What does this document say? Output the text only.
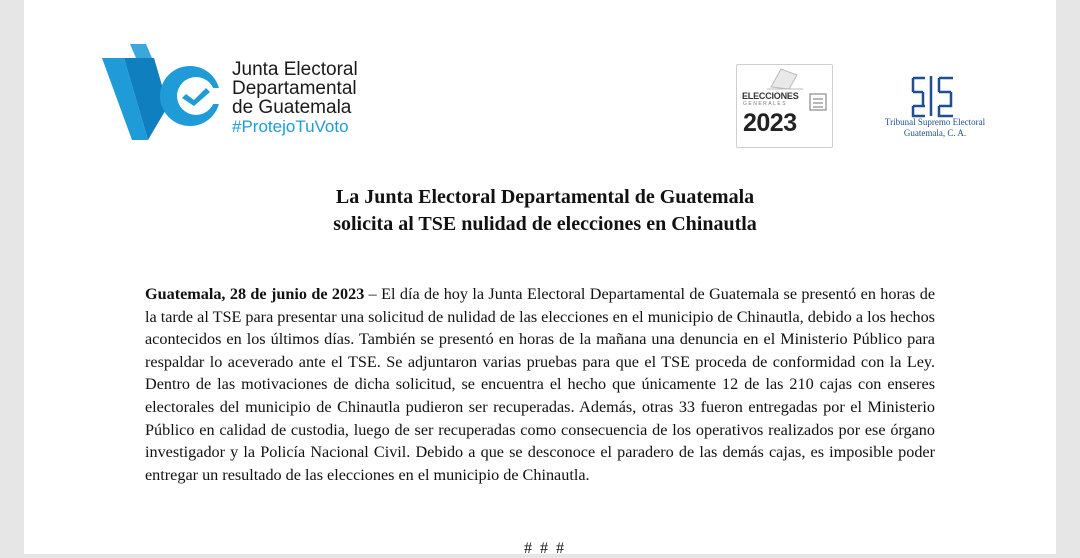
Junta Electoral
Departamental
de Guatemala
#ProtejoTuVoto
ELECCIONES
GENERALES
2023	Tribunal Supremo Electoral
Guatemala, C. A.
La Junta Electoral Departamental de Guatemala
solicita al TSE nulidad de elecciones en Chinautla
Guatemala, 28 de junio de 2023 – El día de hoy la Junta Electoral Departamental de Guatemala se presentó en horas de la tarde al TSE para presentar una solicitud de nulidad de las elecciones en el municipio de Chinautla, debido a los hechos acontecidos en los últimos días. También se presentó en horas de la mañana una denuncia en el Ministerio Público para respaldar lo aceverado ante el TSE. Se adjuntaron varias pruebas para que el TSE proceda de conformidad con la Ley. Dentro de las motivaciones de dicha solicitud, se encuentra el hecho que únicamente 12 de las 210 cajas con enseres electorales del municipio de Chinautla pudieron ser recuperadas. Además, otras 33 fueron entregadas por el Ministerio Público en calidad de custodia, luego de ser recuperadas como consecuencia de los operativos realizados por ese órgano investigador y la Policía Nacional Civil. Debido a que se desconoce el paradero de las demás cajas, es imposible poder entregar un resultado de las elecciones en el municipio de Chinautla.
# # #
